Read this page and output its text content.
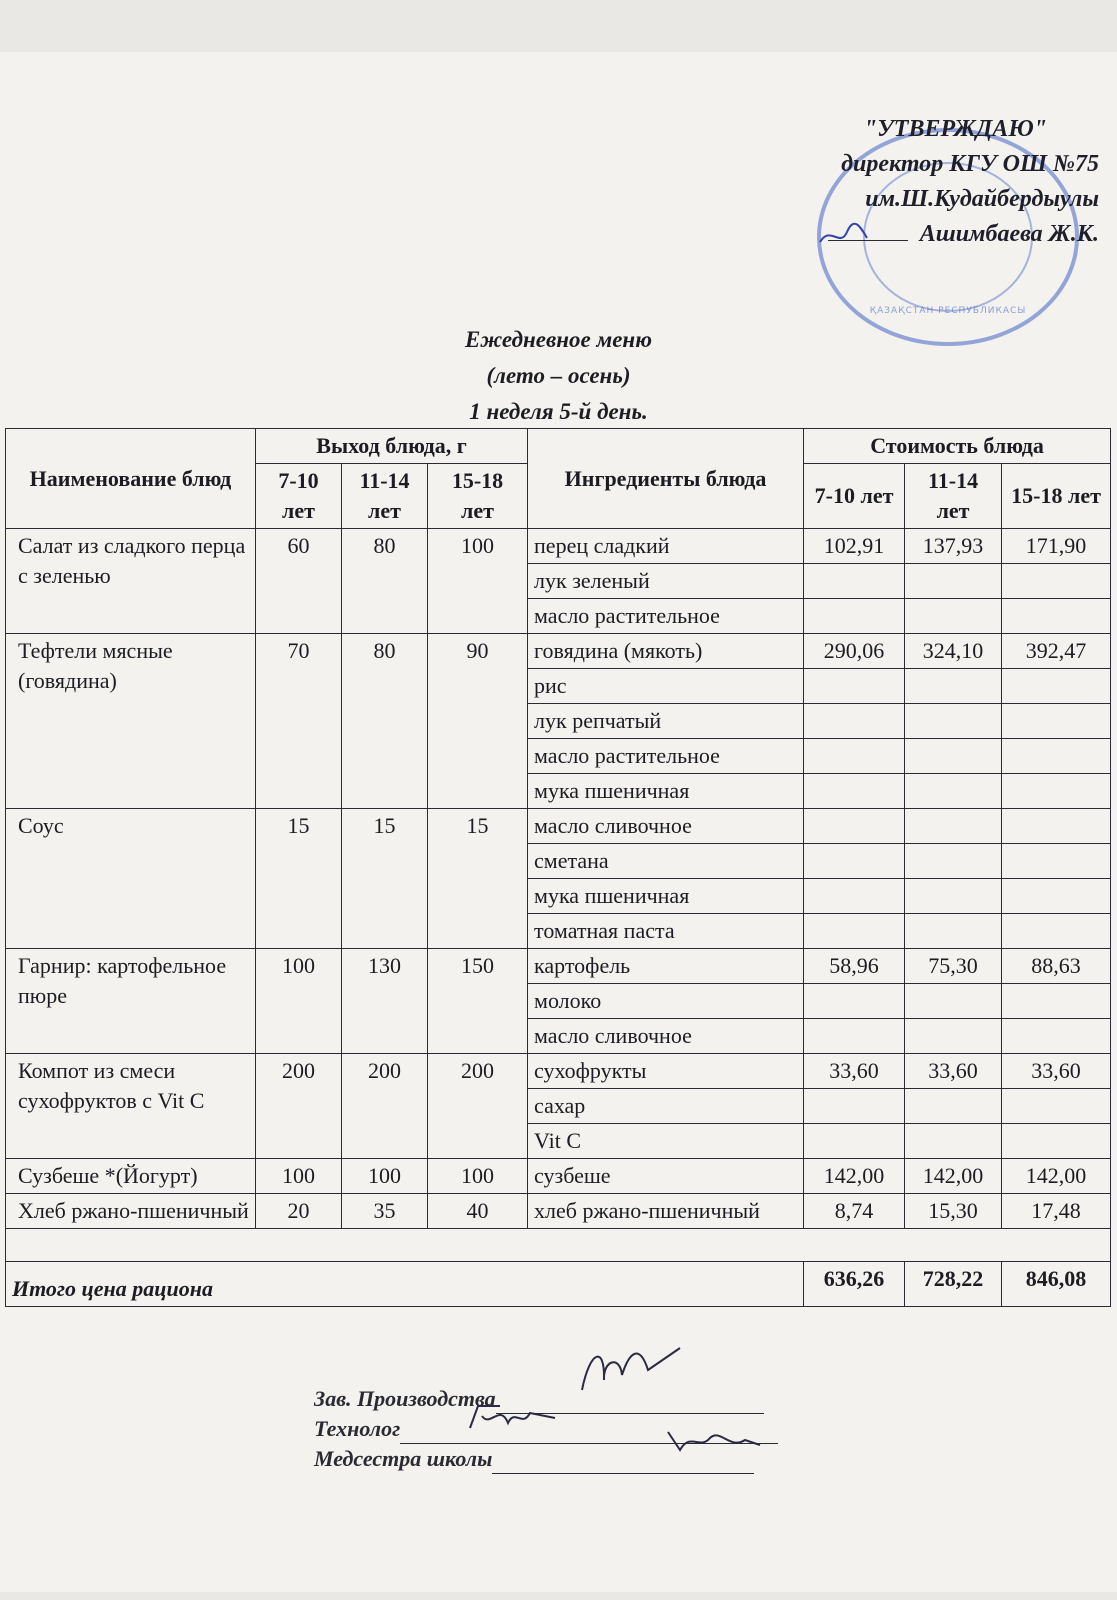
ҚАЗАҚСТАН РЕСПУБЛИКАСЫ
"УТВЕРЖДАЮ"
директор КГУ ОШ №75
им.Ш.Кудайбердыулы
Ашимбаева Ж.К.
Ежедневное меню
(лето – осень)
1 неделя 5-й день.
Наименование блюд	Выход блюда, г			Ингредиенты блюда	Стоимость блюда		
	7-10 лет	11-14 лет	15-18 лет		7-10 лет	11-14 лет	15-18 лет
Салат из сладкого перца с зеленью	60	80	100	перец сладкий	102,91	137,93	171,90
				лук зеленый			
				масло растительное			
Тефтели мясные (говядина)	70	80	90	говядина (мякоть)	290,06	324,10	392,47
				рис			
				лук репчатый			
				масло растительное			
				мука пшеничная			
Соус	15	15	15	масло сливочное			
				сметана			
				мука пшеничная			
				томатная паста			
Гарнир: картофельное пюре	100	130	150	картофель	58,96	75,30	88,63
				молоко			
				масло сливочное			
Компот из смеси сухофруктов с Vit C	200	200	200	сухофрукты	33,60	33,60	33,60
				сахар			
				Vit C			
Сузбеше *(Йогурт)	100	100	100	сузбеше	142,00	142,00	142,00
Хлеб ржано-пшеничный	20	35	40	хлеб ржано-пшеничный	8,74	15,30	17,48

Итого цена рациона					636,26	728,22	846,08
Зав. Производства
Технолог
Медсестра школы
